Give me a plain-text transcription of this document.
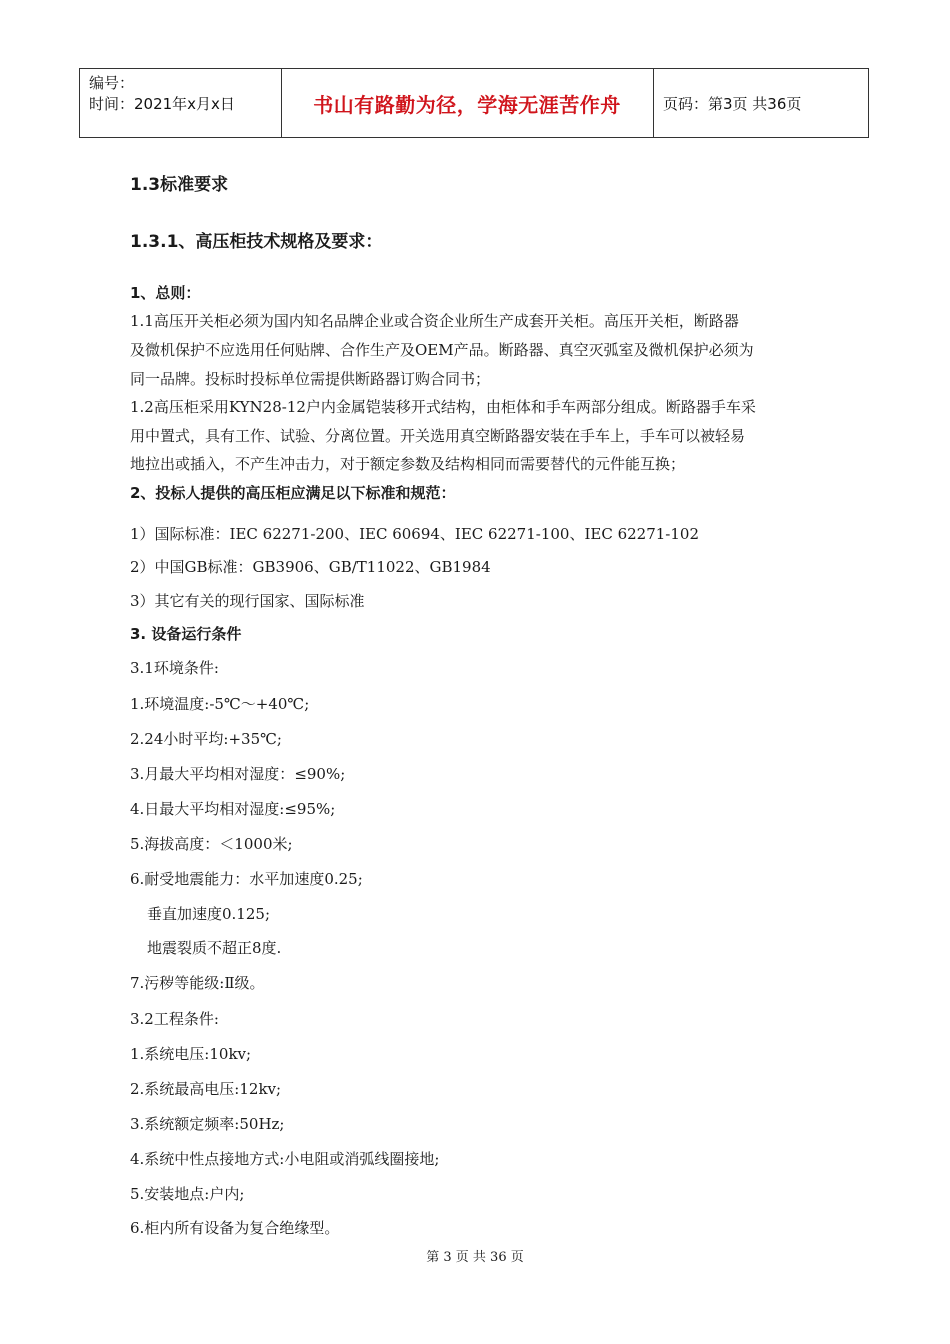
编号：
时间：2021年x月x日	书山有路勤为径，学海无涯苦作舟	页码：第3页 共36页
1.3标准要求
1.3.1、高压柜技术规格及要求：
1、总则：
1.1高压开关柜必须为国内知名品牌企业或合资企业所生产成套开关柜。高压开关柜，断路器
及微机保护不应选用任何贴牌、合作生产及OEM产品。断路器、真空灭弧室及微机保护必须为
同一品牌。投标时投标单位需提供断路器订购合同书；
1.2高压柜采用KYN28-12户内金属铠装移开式结构，由柜体和手车两部分组成。断路器手车采
用中置式，具有工作、试验、分离位置。开关选用真空断路器安装在手车上，手车可以被轻易
地拉出或插入，不产生冲击力，对于额定参数及结构相同而需要替代的元件能互换；
2、投标人提供的高压柜应满足以下标准和规范：
1）国际标准：IEC 62271-200、IEC 60694、IEC 62271-100、IEC 62271-102
2）中国GB标准：GB3906、GB/T11022、GB1984
3）其它有关的现行国家、国际标准
3. 设备运行条件
3.1环境条件:
1.环境温度:-5℃～+40℃;
2.24小时平均:+35℃;
3.月最大平均相对湿度：≤90%;
4.日最大平均相对湿度:≤95%;
5.海拔高度：＜1000米;
6.耐受地震能力：水平加速度0.25;
垂直加速度0.125;
地震裂质不超正8度.
7.污秽等能级:Ⅱ级。
3.2工程条件:
1.系统电压:10kv;
2.系统最高电压:12kv;
3.系统额定频率:50Hz;
4.系统中性点接地方式:小电阻或消弧线圈接地;
5.安装地点:户内;
6.柜内所有设备为复合绝缘型。
第 3 页 共 36 页
